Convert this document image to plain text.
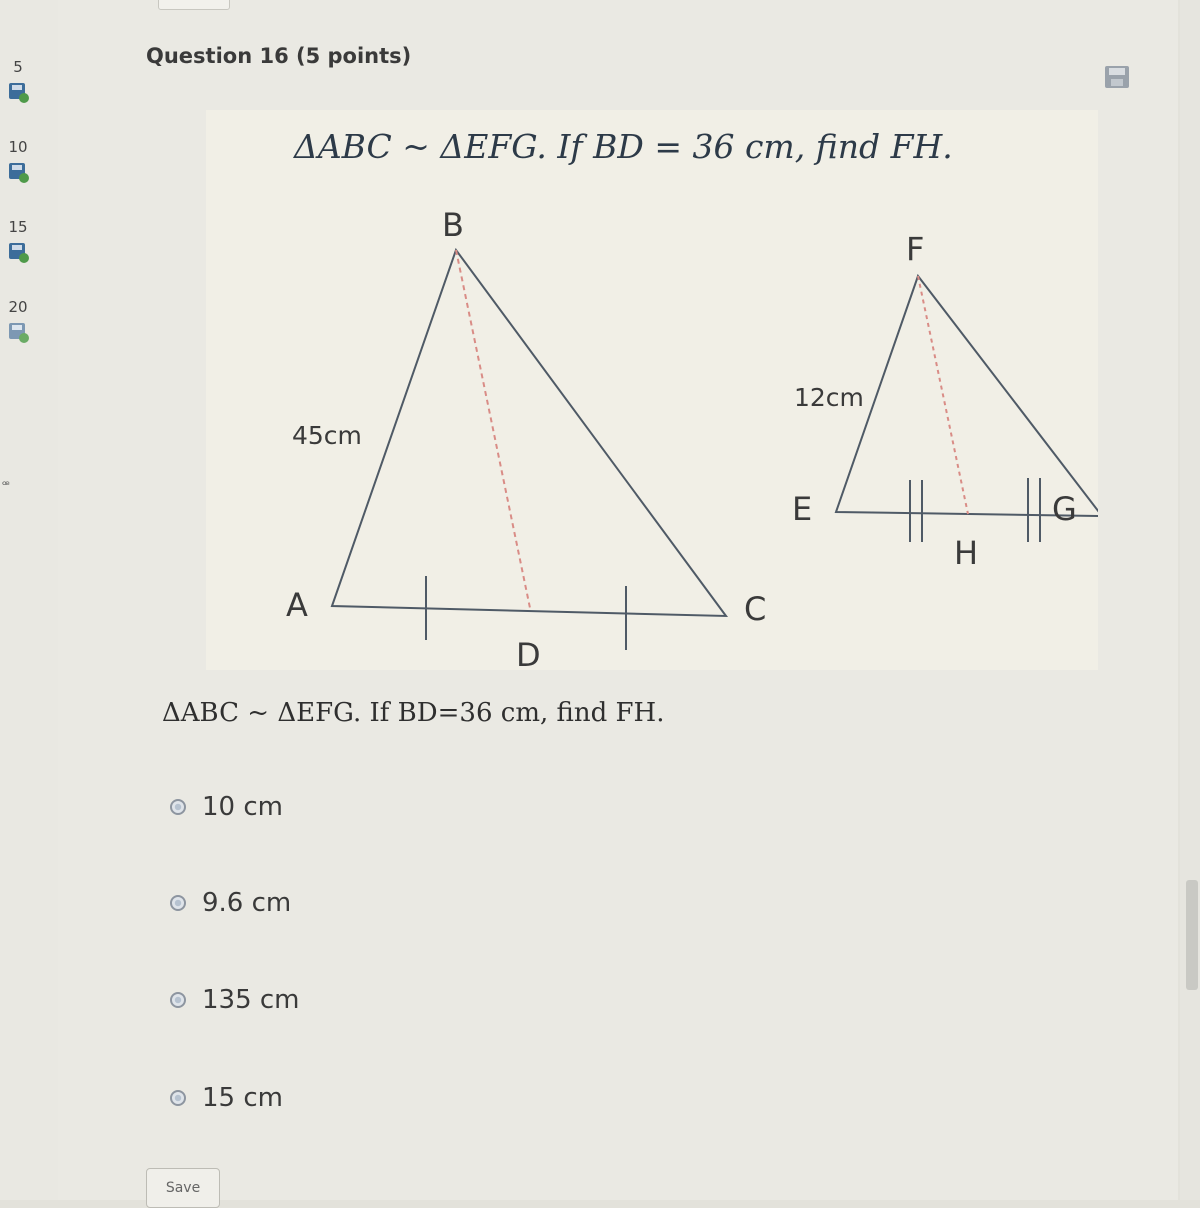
5
10
15
20
ꟹ
Question 16 (5 points)
ΔABC ~ ΔEFG. If BD = 36 cm, find FH.
B
A	C
D
45cm
F
E	G
H
12cm
ΔABC ~ ΔEFG. If BD=36 cm, find FH.
10 cm
9.6 cm
135 cm
15 cm
Save
